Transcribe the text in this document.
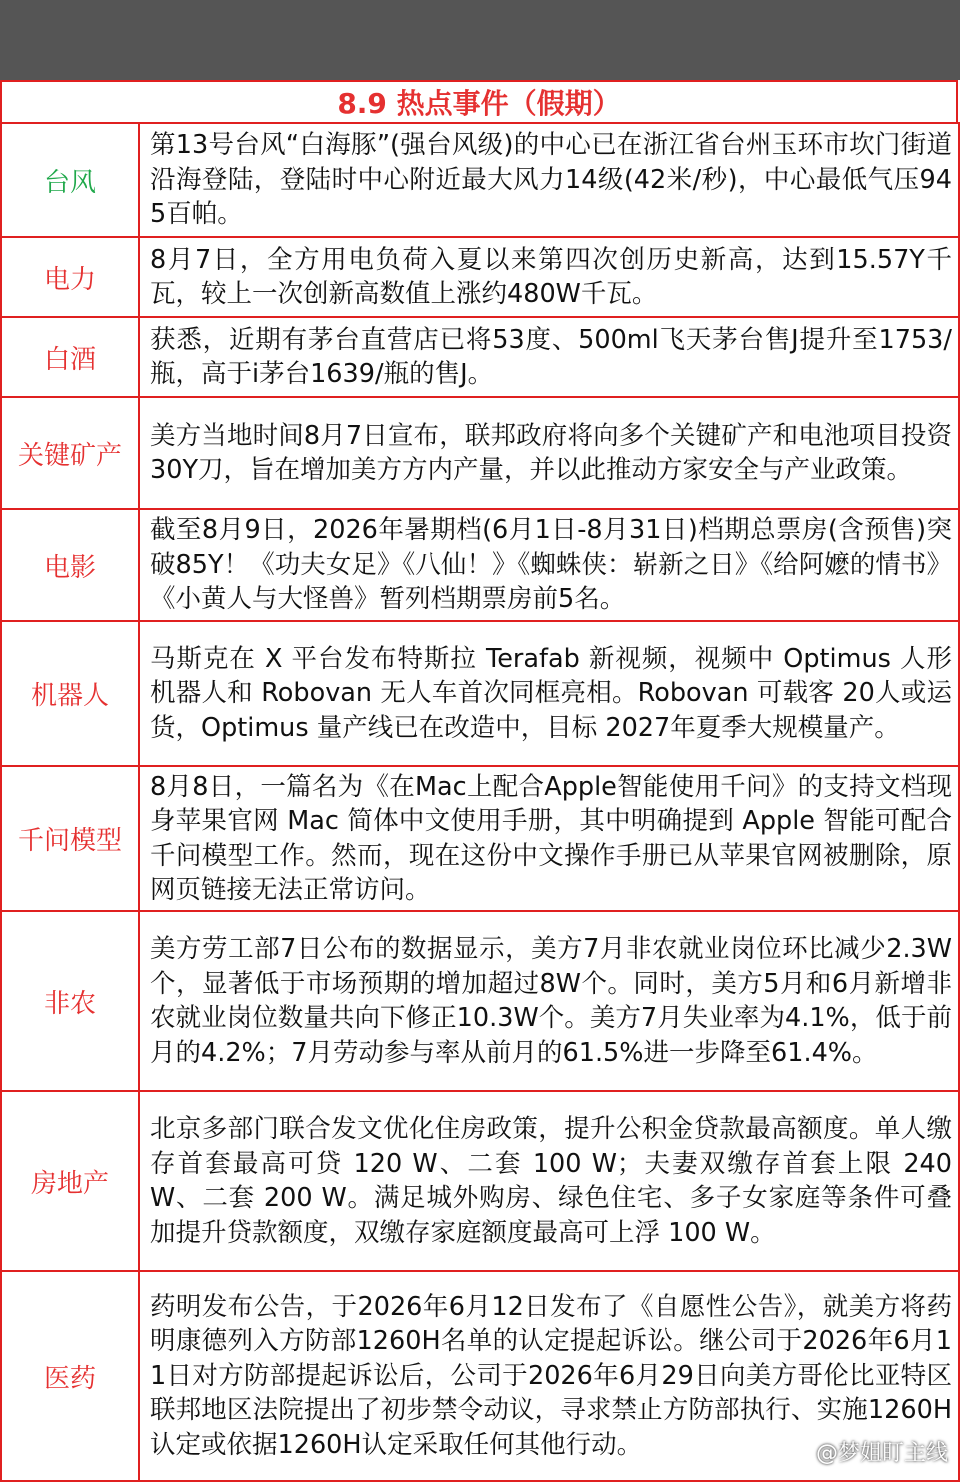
8.9 热点事件（假期）
台风	第13号台风“白海豚”(强台风级)的中心已在浙江省台州玉环市坎门街道沿海登陆，登陆时中心附近最大风力14级(42米/秒)，中心最低气压945百帕。
电力	8月7日，全方用电负荷入夏以来第四次创历史新高，达到15.57Y千瓦，较上一次创新高数值上涨约480W千瓦。
白酒	获悉，近期有茅台直营店已将53度、500ml飞天茅台售J提升至1753/瓶，高于i茅台1639/瓶的售J。
关键矿产	美方当地时间8月7日宣布，联邦政府将向多个关键矿产和电池项目投资30Y刀，旨在增加美方方内产量，并以此推动方家安全与产业政策。
电影	截至8月9日，2026年暑期档(6月1日-8月31日)档期总票房(含预售)突破85Y！《功夫女足》《八仙！》《蜘蛛侠：崭新之日》《给阿嬷的情书》《小黄人与大怪兽》暂列档期票房前5名。
机器人	马斯克在 X 平台发布特斯拉 Terafab 新视频，视频中 Optimus 人形机器人和 Robovan 无人车首次同框亮相。Robovan 可载客 20人或运货，Optimus 量产线已在改造中，目标 2027年夏季大规模量产。
千问模型	8月8日，一篇名为《在Mac上配合Apple智能使用千问》的支持文档现身苹果官网 Mac 简体中文使用手册，其中明确提到 Apple 智能可配合千问模型工作。然而，现在这份中文操作手册已从苹果官网被删除，原网页链接无法正常访问。
非农	美方劳工部7日公布的数据显示，美方7月非农就业岗位环比减少2.3W个，显著低于市场预期的增加超过8W个。同时，美方5月和6月新增非农就业岗位数量共向下修正10.3W个。美方7月失业率为4.1%，低于前月的4.2%；7月劳动参与率从前月的61.5%进一步降至61.4%。
房地产	北京多部门联合发文优化住房政策，提升公积金贷款最高额度。单人缴存首套最高可贷 120 W、二套 100 W；夫妻双缴存首套上限 240 W、二套 200 W。满足城外购房、绿色住宅、多子女家庭等条件可叠加提升贷款额度，双缴存家庭额度最高可上浮 100 W。
医药	药明发布公告，于2026年6月12日发布了《自愿性公告》，就美方将药明康德列入方防部1260H名单的认定提起诉讼。继公司于2026年6月11日对方防部提起诉讼后，公司于2026年6月29日向美方哥伦比亚特区联邦地区法院提出了初步禁令动议，寻求禁止方防部执行、实施1260H认定或依据1260H认定采取任何其他行动。	@梦姐盯主线
